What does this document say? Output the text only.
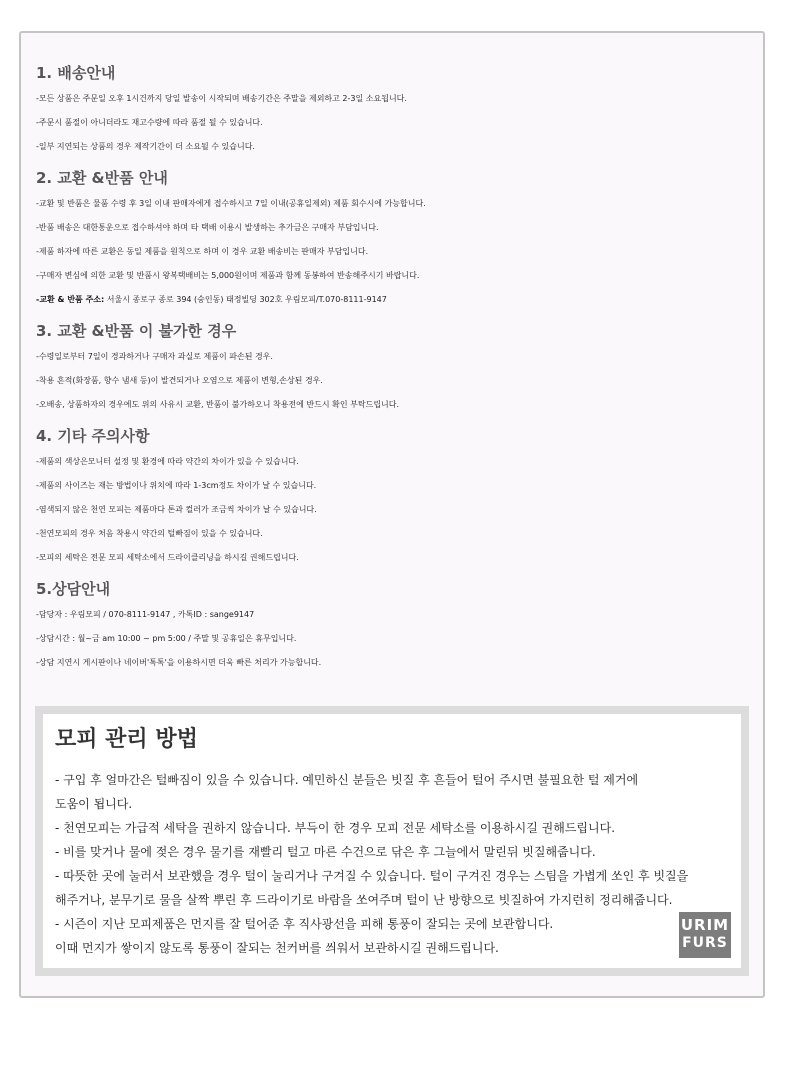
1. 배송안내
-모든 상품은 주문일 오후 1시건까지 당일 발송이 시작되며 배송기간은 주말을 제외하고 2-3일 소요됩니다.
-주문시 품절이 아니더라도 재고수량에 따라 품절 될 수 있습니다.
-일부 지연되는 상품의 경우 제작기간이 더 소요될 수 있습니다.
2. 교환 &반품 안내
-교환 및 반품은 물품 수령 후 3일 이내 판매자에게 접수하시고 7일 이내(공휴일제외) 제품 회수시에 가능합니다.
-반품 배송은 대한통운으로 접수하셔야 하며 타 택배 이용시 발생하는 추가금은 구매자 부담입니다.
-제품 하자에 따른 교환은 동일 제품을 원칙으로 하며 이 경우 교환 배송비는 판매자 부담입니다.
-구매자 변심에 의한 교환 및 반품시 왕복택배비는 5,000원이며 제품과 함께 동봉하여 반송해주시기 바랍니다.
-교환 & 반품 주소: 서울시 종로구 종로 394 (숭인동) 태정빌딩 302호 우림모피/T.070-8111-9147
3. 교환 &반품 이 불가한 경우
-수령일로부터 7일이 경과하거나 구매자 과실로 제품이 파손된 경우.
-착용 흔적(화장품, 향수 냄새 등)이 발견되거나 오염으로 제품이 변형,손상된 경우.
-오배송, 상품하자의 경우에도 위의 사유시 교환, 반품이 불가하오니 착용전에 반드시 확인 부탁드립니다.
4. 기타 주의사항
-제품의 색상은모니터 설정 및 환경에 따라 약간의 차이가 있을 수 있습니다.
-제품의 사이즈는 재는 방법이나 위치에 따라 1-3cm정도 차이가 날 수 있습니다.
-염색되지 않은 천연 모피는 제품마다 톤과 컬러가 조금씩 차이가 날 수 있습니다.
-천연모피의 경우 처음 착용시 약간의 털빠짐이 있을 수 있습니다.
-모피의 세탁은 전문 모피 세탁소에서 드라이클리닝을 하시길 권해드립니다.
5.상담안내
-담당자 : 우림모피 / 070-8111-9147 , 카톡ID : sange9147
-상담시간 : 월~금 am 10:00 ~ pm 5:00 / 주말 및 공휴일은 휴무입니다.
-상담 지연시 게시판이나 네이버'톡톡'을 이용하시면 더욱 빠른 처리가 가능합니다.
모피 관리 방법
- 구입 후 얼마간은 털빠짐이 있을 수 있습니다. 예민하신 분들은 빗질 후 흔들어 털어 주시면 불필요한 털 제거에
도움이 됩니다.
- 천연모피는 가급적 세탁을 권하지 않습니다. 부득이 한 경우 모피 전문 세탁소를 이용하시길 권해드립니다.
- 비를 맞거나 물에 젖은 경우 물기를 재빨리 털고 마른 수건으로 닦은 후 그늘에서 말린뒤 빗질해줍니다.
- 따뜻한 곳에 눌러서 보관했을 경우 털이 눌리거나 구겨질 수 있습니다. 털이 구겨진 경우는 스팀을 가볍게 쏘인 후 빗질을
해주거나, 분무기로 물을 살짝 뿌린 후 드라이기로 바람을 쏘여주며 털이 난 방향으로 빗질하여 가지런히 정리해줍니다.
- 시즌이 지난 모피제품은 먼지를 잘 털어준 후 직사광선을 피해 통풍이 잘되는 곳에 보관합니다.
이때 먼지가 쌓이지 않도록 통풍이 잘되는 천커버를 씌워서 보관하시길 권해드립니다.
URIM
FURS
